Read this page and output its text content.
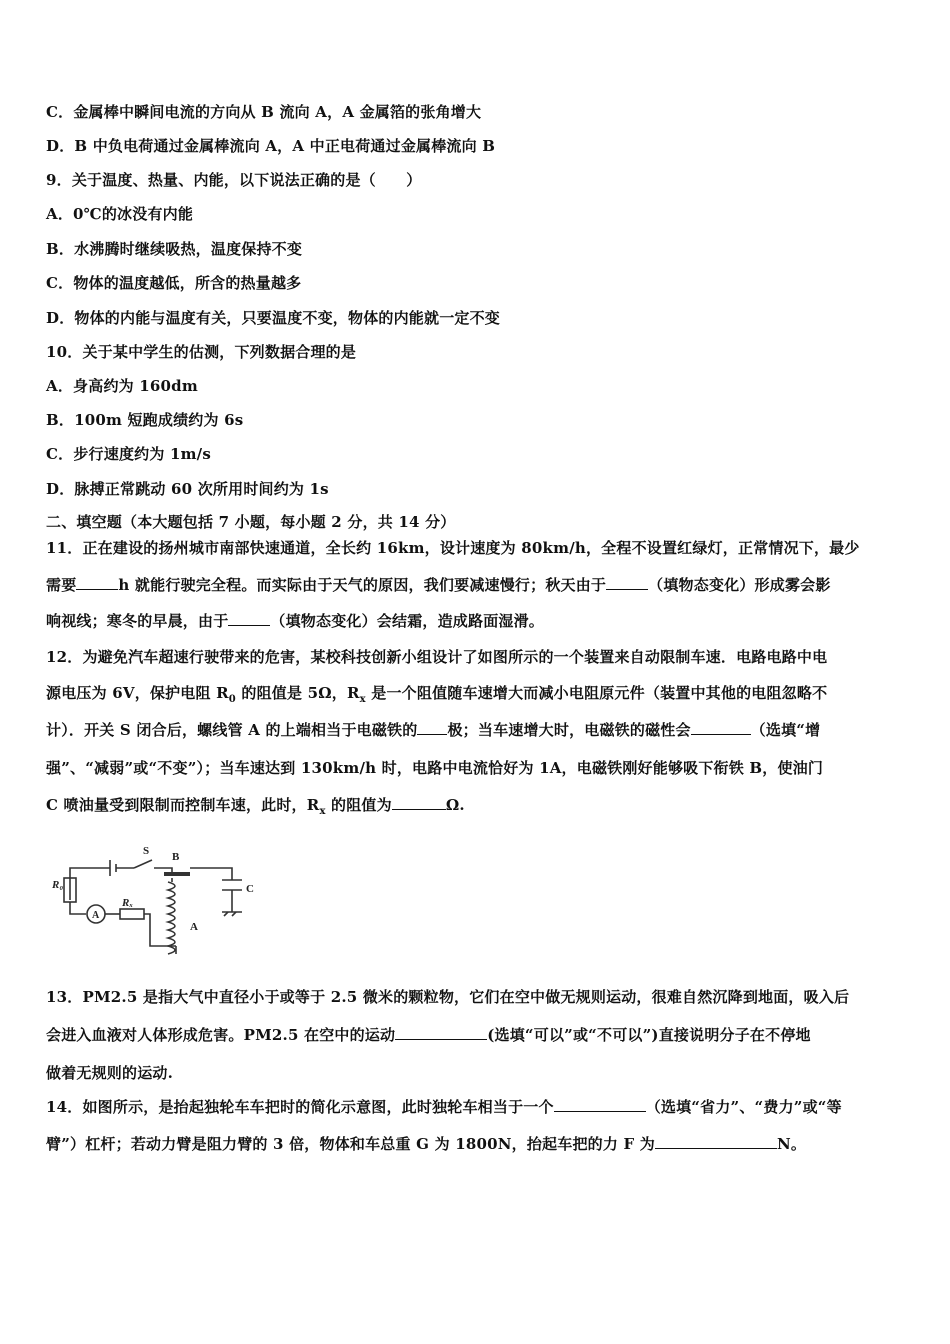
C．金属棒中瞬间电流的方向从 B 流向 A，A 金属箔的张角增大
D．B 中负电荷通过金属棒流向 A，A 中正电荷通过金属棒流向 B
9．关于温度、热量、内能，以下说法正确的是（　　）
A．0℃的冰没有内能
B．水沸腾时继续吸热，温度保持不变
C．物体的温度越低，所含的热量越多
D．物体的内能与温度有关，只要温度不变，物体的内能就一定不变
10．关于某中学生的估测，下列数据合理的是
A．身高约为 160dm
B．100m 短跑成绩约为 6s
C．步行速度约为 1m/s
D．脉搏正常跳动 60 次所用时间约为 1s
二、填空题（本大题包括 7 小题，每小题 2 分，共 14 分）
11．正在建设的扬州城市南部快速通道，全长约 16km，设计速度为 80km/h，全程不设置红绿灯，正常情况下，最少
需要	h 就能行驶完全程。而实际由于天气的原因，我们要减速慢行；秋天由于	（填物态变化）形成雾会影
响视线；寒冬的早晨，由于	（填物态变化）会结霜，造成路面湿滑。
12．为避免汽车超速行驶带来的危害，某校科技创新小组设计了如图所示的一个装置来自动限制车速．电路电路中电
源电压为 6V，保护电阻 $R_0$ 的阻值是 5Ω，$R_x$ 是一个阻值随车速增大而减小电阻原元件（装置中其他的电阻忽略不
计）．开关 S 闭合后，螺线管 A 的上端相当于电磁铁的 极；当车速增大时，电磁铁的磁性会	（选填“增
强”、“减弱”或“不变”）；当车速达到 130km/h 时，电路中电流恰好为 1A，电磁铁刚好能够吸下衔铁 B，使油门
C 喷油量受到限制而控制车速，此时，$R_x$ 的阻值为	Ω.
S B
C
A
R₀
Rₓ
A
13．PM2.5 是指大气中直径小于或等于 2.5 微米的颗粒物，它们在空中做无规则运动，很难自然沉降到地面，吸入后
会进入血液对人体形成危害。PM2.5 在空中的运动	(选填“可以”或“不可以”)直接说明分子在不停地
做着无规则的运动.
14．如图所示，是抬起独轮车车把时的简化示意图，此时独轮车相当于一个	（选填“省力”、“费力”或“等
臂”）杠杆；若动力臂是阻力臂的 3 倍，物体和车总重 G 为 1800N，抬起车把的力 F 为	N。
